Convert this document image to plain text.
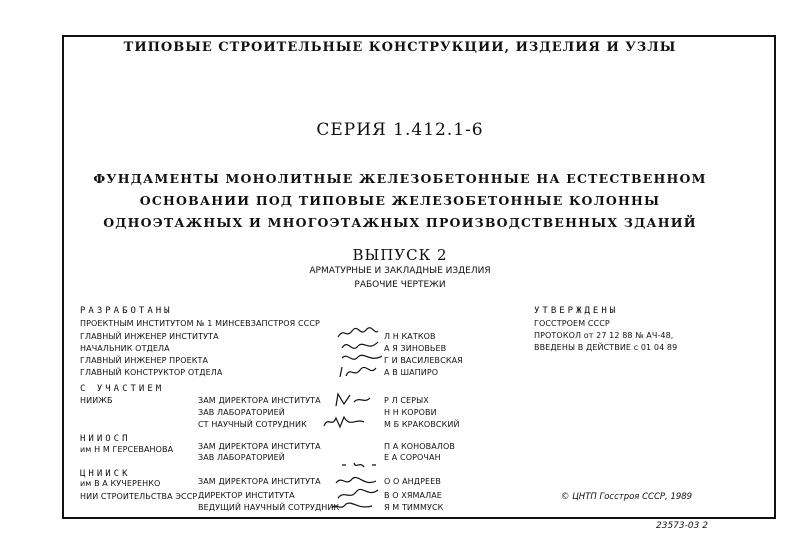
ТИПОВЫЕ СТРОИТЕЛЬНЫЕ КОНСТРУКЦИИ, ИЗДЕЛИЯ И УЗЛЫ
СЕРИЯ 1.412.1-6
ФУНДАМЕНТЫ МОНОЛИТНЫЕ ЖЕЛЕЗОБЕТОННЫЕ НА ЕСТЕСТВЕННОМ
ОСНОВАНИИ ПОД ТИПОВЫЕ ЖЕЛЕЗОБЕТОННЫЕ КОЛОННЫ
ОДНОЭТАЖНЫХ И МНОГОЭТАЖНЫХ ПРОИЗВОДСТВЕННЫХ ЗДАНИЙ
ВЫПУСК 2
АРМАТУРНЫЕ И ЗАКЛАДНЫЕ ИЗДЕЛИЯ
РАБОЧИЕ ЧЕРТЕЖИ
РАЗРАБОТАНЫ
ПРОЕКТНЫМ ИНСТИТУТОМ № 1 МИНСЕВЗАПСТРОЯ СССР
ГЛАВНЫЙ ИНЖЕНЕР ИНСТИТУТА	Л Н КАТКОВ
НАЧАЛЬНИК ОТДЕЛА	А Я ЗИНОВЬЕВ
ГЛАВНЫЙ ИНЖЕНЕР ПРОЕКТА	Г И ВАСИЛЕВСКАЯ
ГЛАВНЫЙ КОНСТРУКТОР ОТДЕЛА	А В ШАПИРО
УТВЕРЖДЕНЫ
ГОССТРОЕМ СССР
ПРОТОКОЛ от 27 12 88 № АЧ-48,
ВВЕДЕНЫ В ДЕЙСТВИЕ с 01 04 89
С УЧАСТИЕМ
НИИЖБ	ЗАМ ДИРЕКТОРА ИНСТИТУТА	Р Л СЕРЫХ
ЗАВ ЛАБОРАТОРИЕЙ	Н Н КОРОВИ
СТ НАУЧНЫЙ СОТРУДНИК	М Б КРАКОВСКИЙ
НИИОСП
им Н М ГЕРСЕВАНОВА	ЗАМ ДИРЕКТОРА ИНСТИТУТА	П А КОНОВАЛОВ
ЗАВ ЛАБОРАТОРИЕЙ	Е А СОРОЧАН
ЦНИИСК
им В А КУЧЕРЕНКО	ЗАМ ДИРЕКТОРА ИНСТИТУТА	О О АНДРЕЕВ
НИИ СТРОИТЕЛЬСТВА ЭССР ДИРЕКТОР ИНСТИТУТА	В О ХЯМАЛАЕ
ВЕДУЩИЙ НАУЧНЫЙ СОТРУДНИК	Я М ТИММУСК
© ЦНТП Госстроя СССР, 1989
23573-03 2
